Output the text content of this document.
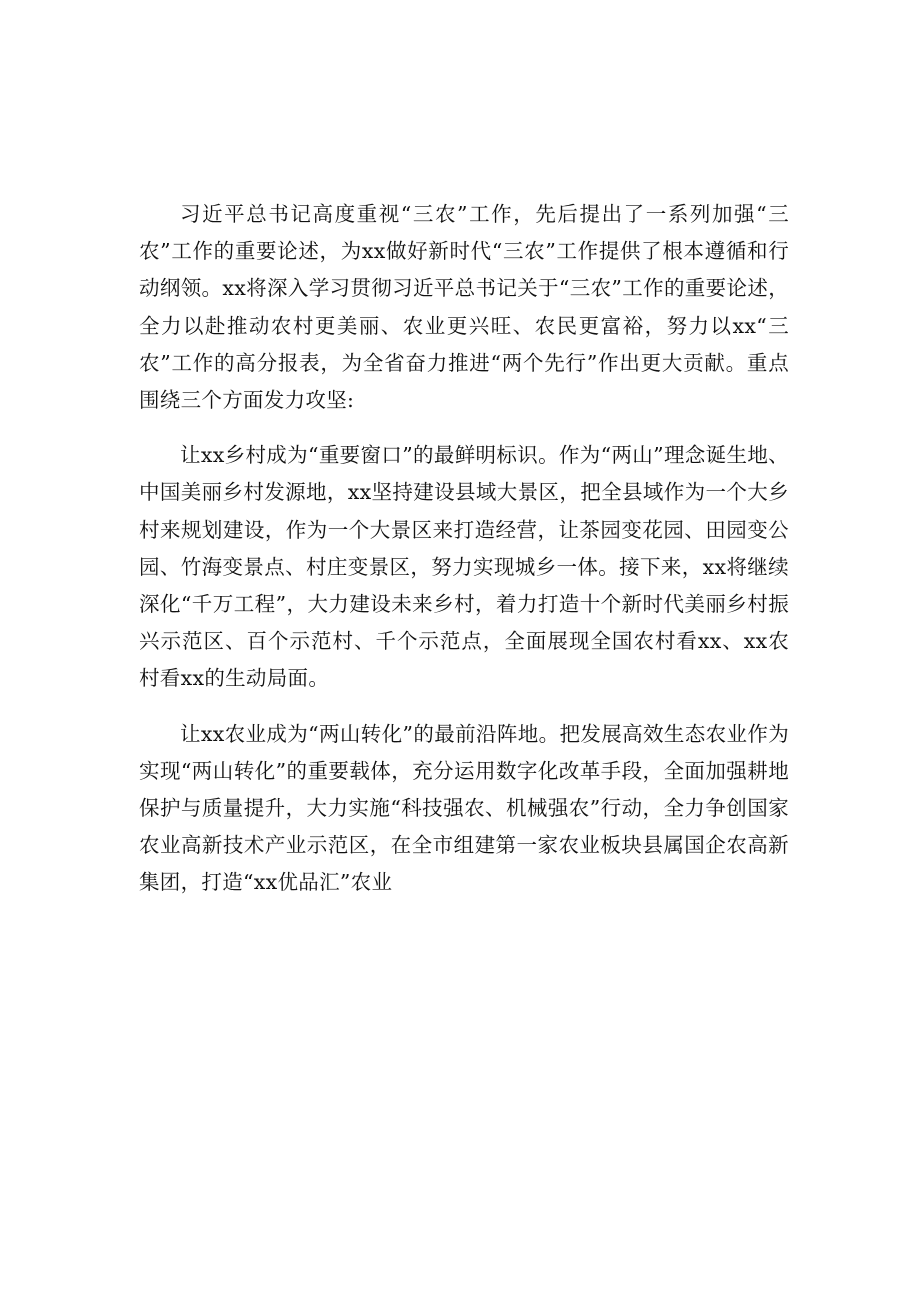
习近平总书记高度重视“三农”工作，先后提出了一系列加强“三农”工作的重要论述，为xx做好新时代“三农”工作提供了根本遵循和行动纲领。xx将深入学习贯彻习近平总书记关于“三农”工作的重要论述，全力以赴推动农村更美丽、农业更兴旺、农民更富裕，努力以xx“三农”工作的高分报表，为全省奋力推进“两个先行”作出更大贡献。重点围绕三个方面发力攻坚:

让xx乡村成为“重要窗口”的最鲜明标识。作为“两山”理念诞生地、中国美丽乡村发源地，xx坚持建设县域大景区，把全县域作为一个大乡村来规划建设，作为一个大景区来打造经营，让茶园变花园、田园变公园、竹海变景点、村庄变景区，努力实现城乡一体。接下来，xx将继续深化“千万工程”，大力建设未来乡村，着力打造十个新时代美丽乡村振兴示范区、百个示范村、千个示范点，全面展现全国农村看xx、xx农村看xx的生动局面。

让xx农业成为“两山转化”的最前沿阵地。把发展高效生态农业作为实现“两山转化”的重要载体，充分运用数字化改革手段，全面加强耕地保护与质量提升，大力实施“科技强农、机械强农”行动，全力争创国家农业高新技术产业示范区，在全市组建第一家农业板块县属国企农高新集团，打造“xx优品汇”农业
